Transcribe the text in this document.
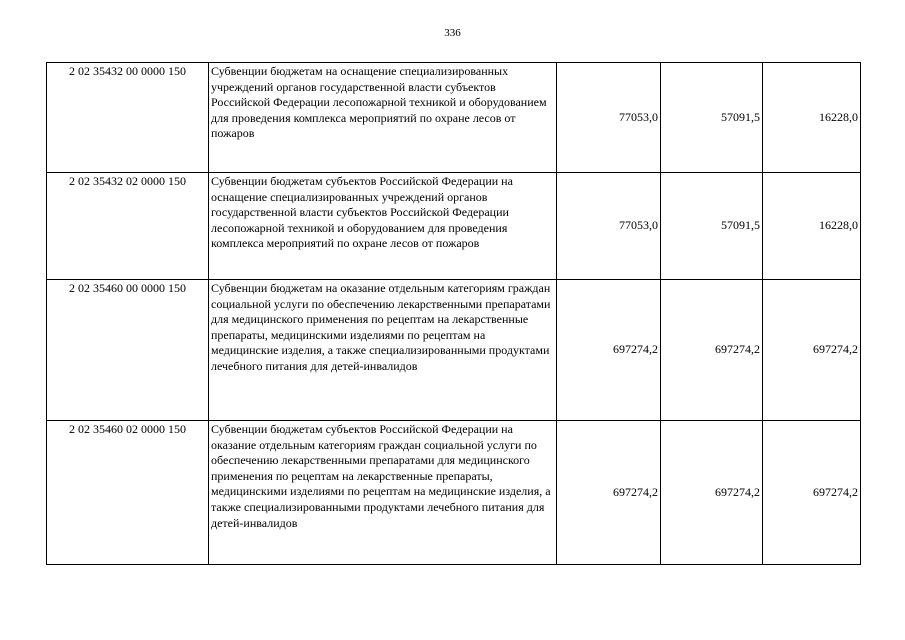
336
2 02 35432 00 0000 150	Субвенции бюджетам на оснащение специализированных учреждений органов государственной власти субъектов Российской Федерации лесопожарной техникой и оборудованием для проведения комплекса мероприятий по охране лесов от пожаров	77053,0	57091,5	16228,0
2 02 35432 02 0000 150	Субвенции бюджетам субъектов Российской Федерации на оснащение специализированных учреждений органов государственной власти субъектов Российской Федерации лесопожарной техникой и оборудованием для проведения комплекса мероприятий по охране лесов от пожаров	77053,0	57091,5	16228,0
2 02 35460 00 0000 150	Субвенции бюджетам на оказание отдельным категориям граждан социальной услуги по обеспечению лекарственными препаратами для медицинского применения по рецептам на лекарственные препараты, медицинскими изделиями по рецептам на медицинские изделия, а также специализированными продуктами лечебного питания для детей-инвалидов	697274,2	697274,2	697274,2
2 02 35460 02 0000 150	Субвенции бюджетам субъектов Российской Федерации на оказание отдельным категориям граждан социальной услуги по обеспечению лекарственными препаратами для медицинского применения по рецептам на лекарственные препараты, медицинскими изделиями по рецептам на медицинские изделия, а также специализированными продуктами лечебного питания для детей-инвалидов	697274,2	697274,2	697274,2
